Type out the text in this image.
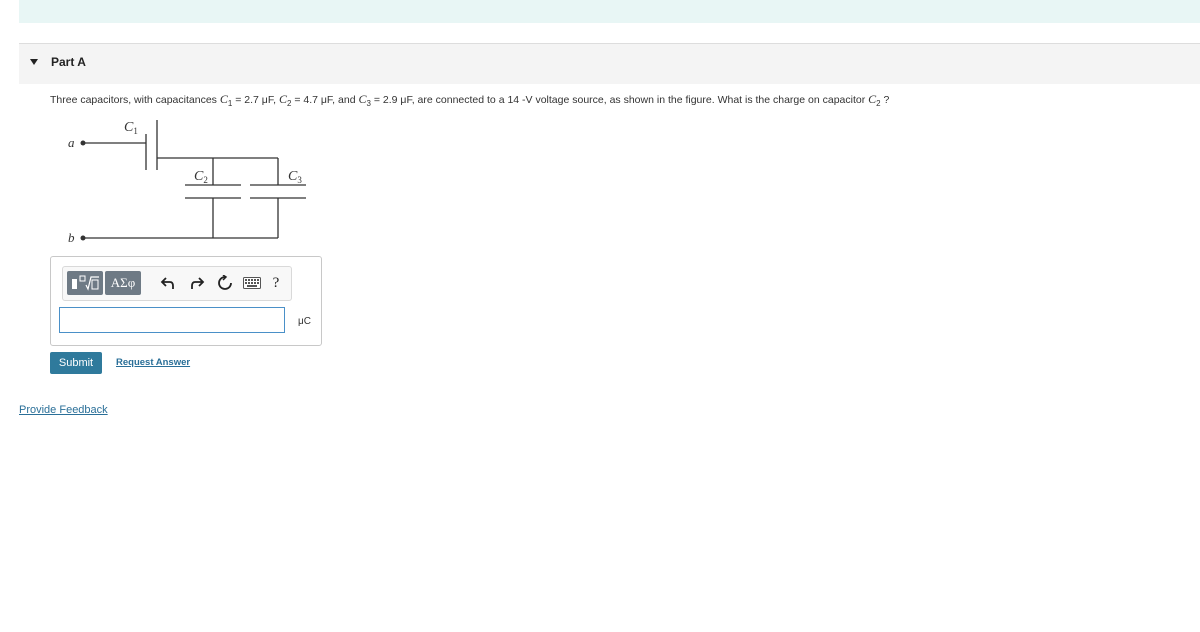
Part A
Three capacitors, with capacitances $C_1 = 2.7$ μF, $C_2 = 4.7$ μF, and $C_3 = 2.9$ μF, are connected to a 14 -V voltage source, as shown in the figure. What is the charge on capacitor $C_2$ ?
a
b
$C_1$
$C_2$	$C_3$
ΑΣφ	?
μC
Submit	Request Answer
Provide Feedback
